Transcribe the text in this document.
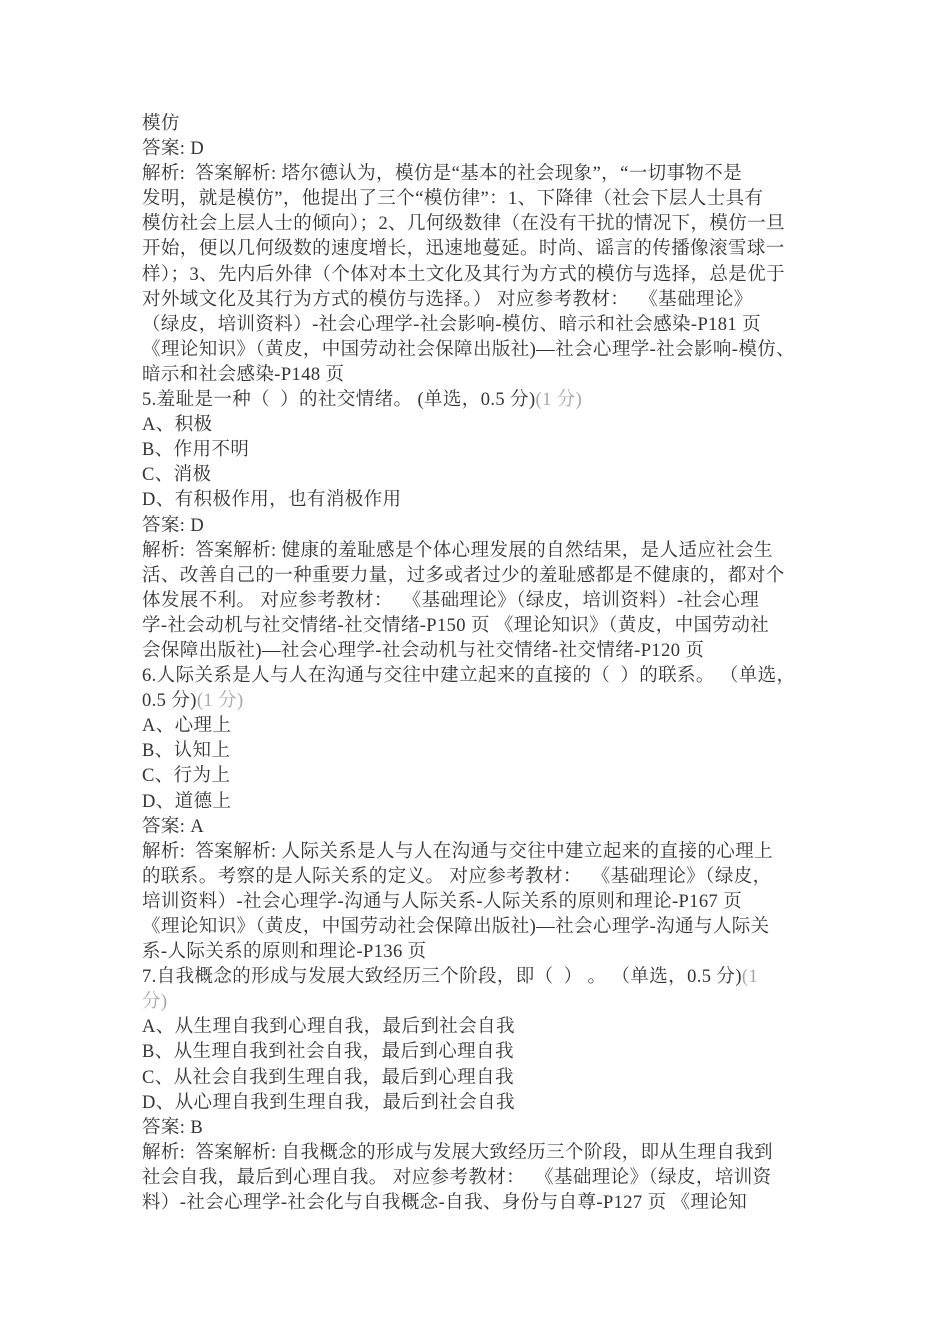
模仿
答案: D
解析:  答案解析: 塔尔德认为，模仿是“基本的社会现象”，“一切事物不是
发明，就是模仿”，他提出了三个“模仿律”：1、下降律（社会下层人士具有
模仿社会上层人士的倾向）；2、几何级数律（在没有干扰的情况下，模仿一旦
开始，便以几何级数的速度增长，迅速地蔓延。时尚、谣言的传播像滚雪球一
样）；3、先内后外律（个体对本土文化及其行为方式的模仿与选择，总是优于
对外域文化及其行为方式的模仿与选择。） 对应参考教材：  《基础理论》
（绿皮，培训资料）-社会心理学-社会影响-模仿、暗示和社会感染-P181 页
《理论知识》（黄皮，中国劳动社会保障出版社)—社会心理学-社会影响-模仿、
暗示和社会感染-P148 页
5.羞耻是一种（  ）的社交情绪。 (单选，0.5 分)(1 分)
A、积极
B、作用不明
C、消极
D、有积极作用，也有消极作用
答案: D
解析:  答案解析: 健康的羞耻感是个体心理发展的自然结果，是人适应社会生
活、改善自己的一种重要力量，过多或者过少的羞耻感都是不健康的，都对个
体发展不利。 对应参考教材：  《基础理论》（绿皮，培训资料）-社会心理
学-社会动机与社交情绪-社交情绪-P150 页 《理论知识》（黄皮，中国劳动社
会保障出版社)—社会心理学-社会动机与社交情绪-社交情绪-P120 页
6.人际关系是人与人在沟通与交往中建立起来的直接的（  ）的联系。 （单选，
0.5 分)(1 分)
A、心理上
B、认知上
C、行为上
D、道德上
答案: A
解析:  答案解析: 人际关系是人与人在沟通与交往中建立起来的直接的心理上
的联系。考察的是人际关系的定义。 对应参考教材：  《基础理论》（绿皮，
培训资料）-社会心理学-沟通与人际关系-人际关系的原则和理论-P167 页
《理论知识》（黄皮，中国劳动社会保障出版社)—社会心理学-沟通与人际关
系-人际关系的原则和理论-P136 页
7.自我概念的形成与发展大致经历三个阶段，即（  ） 。 （单选，0.5 分)(1
分)
A、从生理自我到心理自我，最后到社会自我
B、从生理自我到社会自我，最后到心理自我
C、从社会自我到生理自我，最后到心理自我
D、从心理自我到生理自我，最后到社会自我
答案: B
解析:  答案解析: 自我概念的形成与发展大致经历三个阶段，即从生理自我到
社会自我，最后到心理自我。 对应参考教材：  《基础理论》（绿皮，培训资
料）-社会心理学-社会化与自我概念-自我、身份与自尊-P127 页 《理论知
